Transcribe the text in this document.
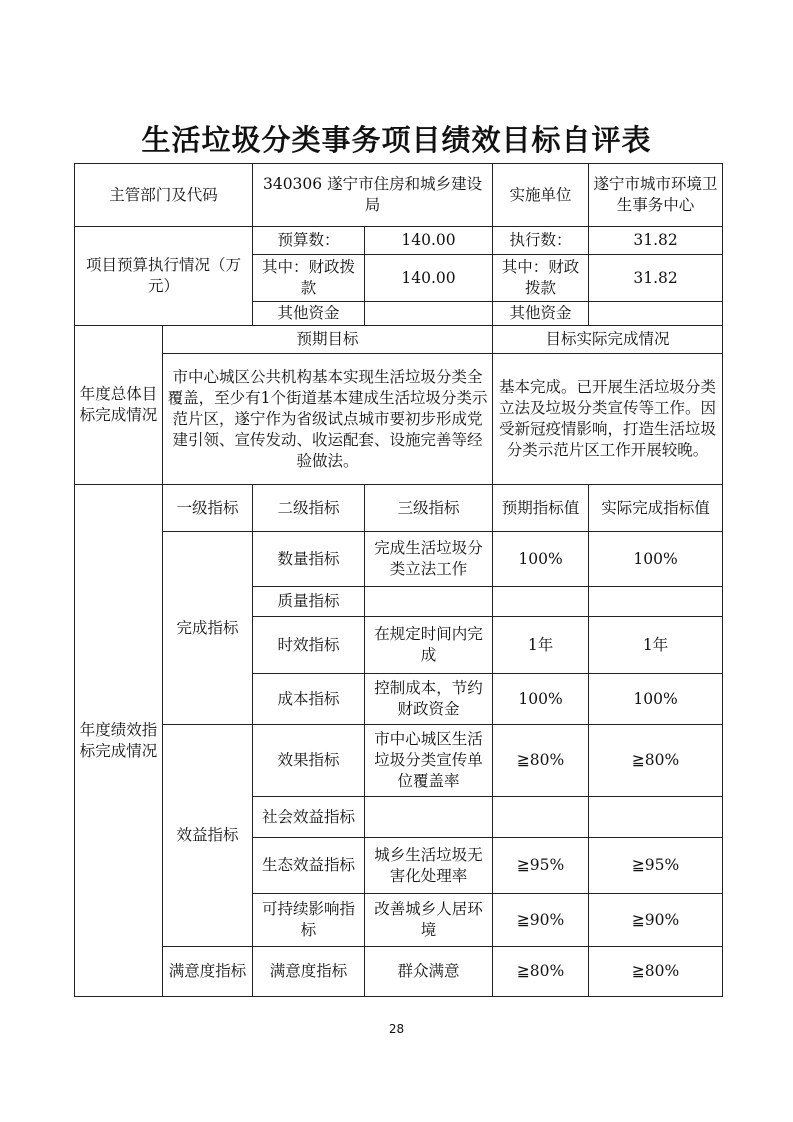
生活垃圾分类事务项目绩效目标自评表
主管部门及代码		340306 遂宁市住房和城乡建设局		实施单位	遂宁市城市环境卫生事务中心
项目预算执行情况（万元）		预算数：	140.00	执行数：	31.82
		其中：财政拨款	140.00	其中：财政拨款	31.82
		其他资金		其他资金	
年度总体目标完成情况	预期目标			目标实际完成情况	
	市中心城区公共机构基本实现生活垃圾分类全覆盖，至少有1个街道基本建成生活垃圾分类示范片区，遂宁作为省级试点城市要初步形成党建引领、宣传发动、收运配套、设施完善等经验做法。			基本完成。已开展生活垃圾分类立法及垃圾分类宣传等工作。因受新冠疫情影响，打造生活垃圾分类示范片区工作开展较晚。	
年度绩效指标完成情况	一级指标	二级指标	三级指标	预期指标值	实际完成指标值
	完成指标	数量指标	完成生活垃圾分类立法工作	100%	100%
		质量指标			
		时效指标	在规定时间内完成	1年	1年
		成本指标	控制成本，节约财政资金	100%	100%
	效益指标	效果指标	市中心城区生活垃圾分类宣传单位覆盖率	≧80%	≧80%
		社会效益指标			
		生态效益指标	城乡生活垃圾无害化处理率	≧95%	≧95%
		可持续影响指标	改善城乡人居环境	≧90%	≧90%
	满意度指标	满意度指标	群众满意	≧80%	≧80%
28
